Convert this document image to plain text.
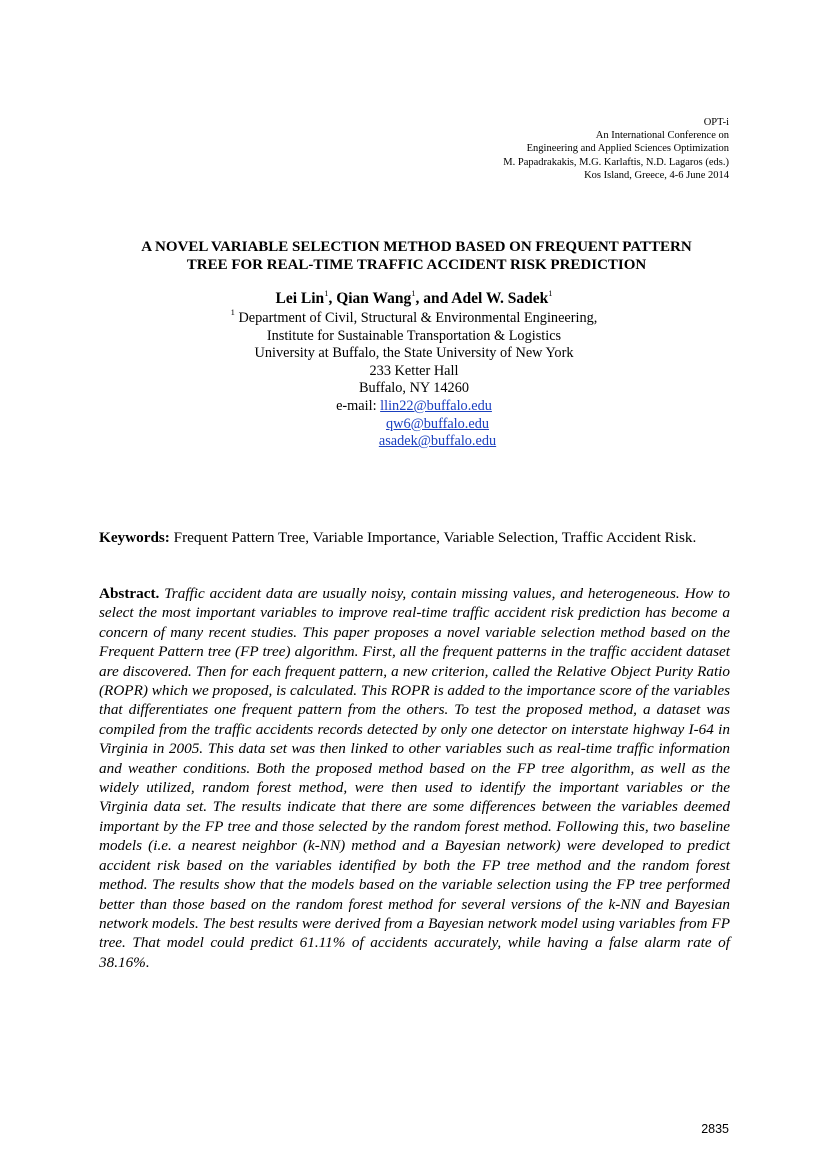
OPT-i
An International Conference on
Engineering and Applied Sciences Optimization
M. Papadrakakis, M.G. Karlaftis, N.D. Lagaros (eds.)
Kos Island, Greece, 4-6 June 2014
A NOVEL VARIABLE SELECTION METHOD BASED ON FREQUENT PATTERN
TREE FOR REAL-TIME TRAFFIC ACCIDENT RISK PREDICTION
Lei Lin$^1$, Qian Wang$^1$, and Adel W. Sadek$^1$
$^1$ Department of Civil, Structural & Environmental Engineering,
Institute for Sustainable Transportation & Logistics
University at Buffalo, the State University of New York
233 Ketter Hall
Buffalo, NY 14260
e-mail: llin22@buffalo.edu
qw6@buffalo.edu
asadek@buffalo.edu
Keywords: Frequent Pattern Tree, Variable Importance, Variable Selection, Traffic Accident Risk.
Abstract. Traffic accident data are usually noisy, contain missing values, and heterogeneous. How to select the most important variables to improve real-time traffic accident risk prediction has become a concern of many recent studies. This paper proposes a novel variable selection method based on the Frequent Pattern tree (FP tree) algorithm. First, all the frequent patterns in the traffic accident dataset are discovered. Then for each frequent pattern, a new criterion, called the Relative Object Purity Ratio (ROPR) which we proposed, is calculated. This ROPR is added to the importance score of the variables that differentiates one frequent pattern from the others. To test the proposed method, a dataset was compiled from the traffic accidents records detected by only one detector on interstate highway I-64 in Virginia in 2005. This data set was then linked to other variables such as real-time traffic information and weather conditions. Both the proposed method based on the FP tree algorithm, as well as the widely utilized, random forest method, were then used to identify the important variables or the Virginia data set. The results indicate that there are some differences between the variables deemed important by the FP tree and those selected by the random forest method. Following this, two baseline models (i.e. a nearest neighbor (k-NN) method and a Bayesian network) were developed to predict accident risk based on the variables identified by both the FP tree method and the random forest method. The results show that the models based on the variable selection using the FP tree performed better than those based on the random forest method for several versions of the k-NN and Bayesian network models. The best results were derived from a Bayesian network model using variables from FP tree. That model could predict 61.11% of accidents accurately, while having a false alarm rate of 38.16%.
2835
